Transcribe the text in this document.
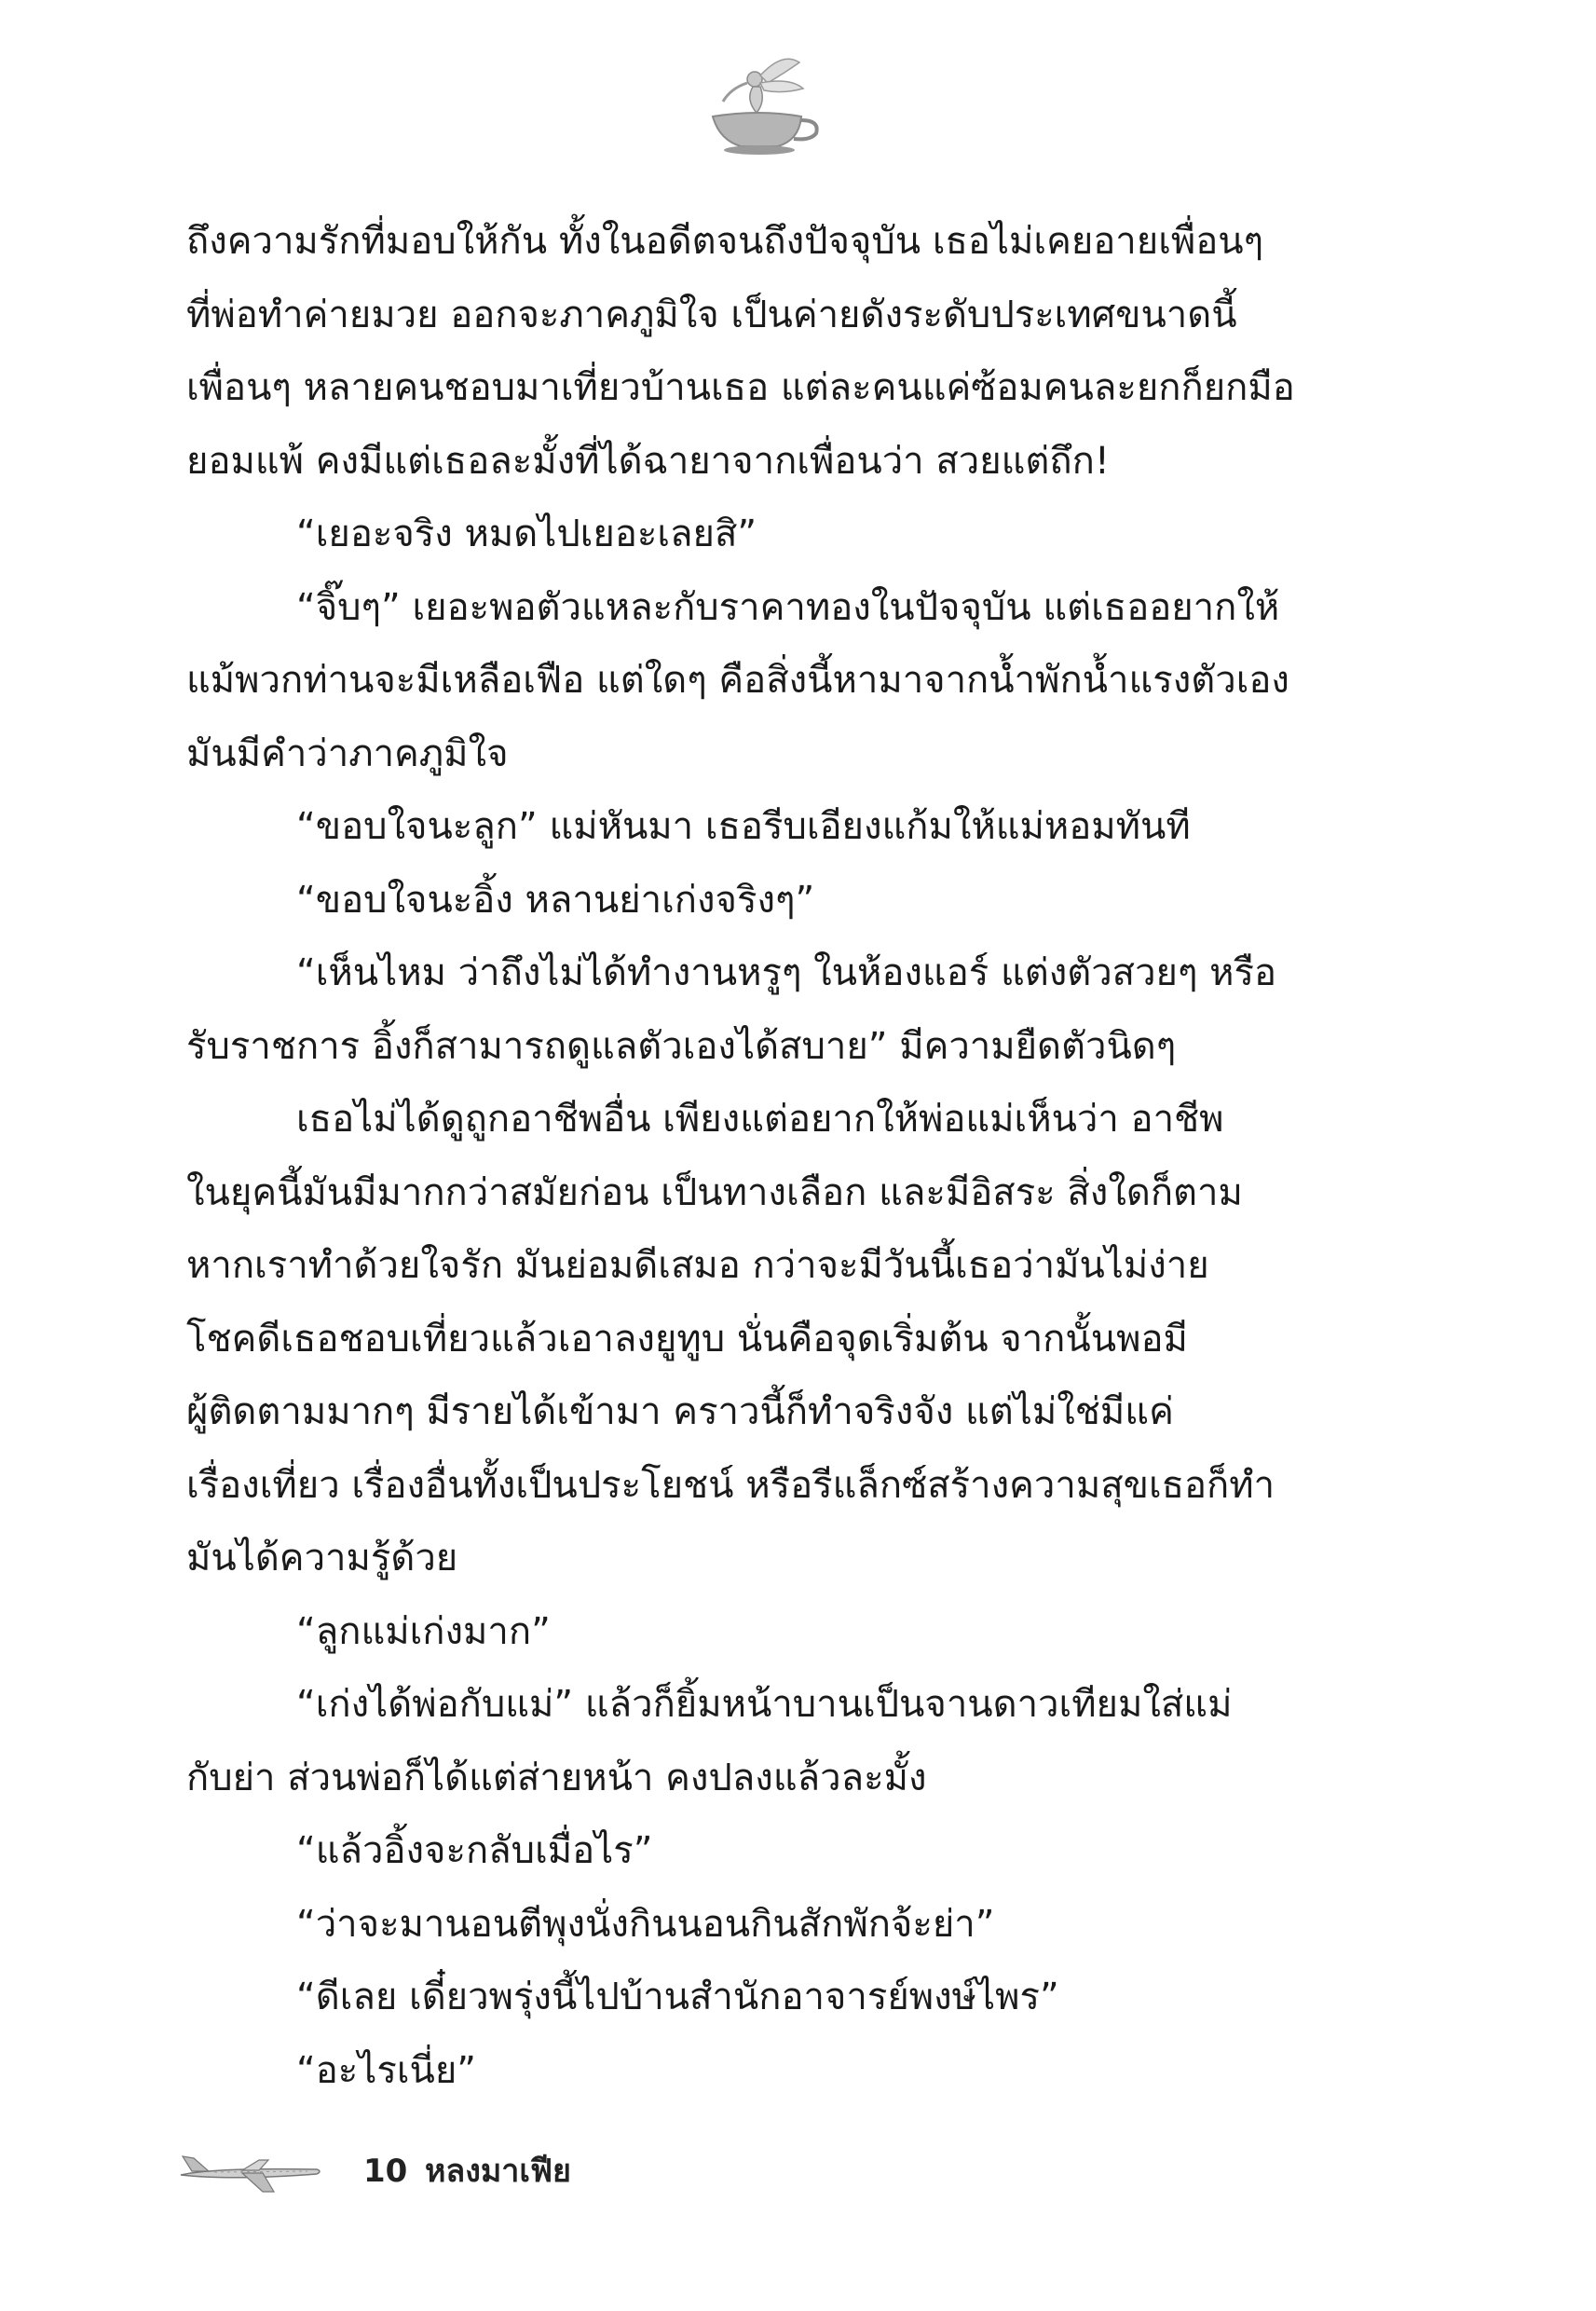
ถึงความรักที่มอบให้กัน ทั้งในอดีตจนถึงปัจจุบัน เธอไม่เคยอายเพื่อนๆ
ที่พ่อทำค่ายมวย ออกจะภาคภูมิใจ เป็นค่ายดังระดับประเทศขนาดนี้
เพื่อนๆ หลายคนชอบมาเที่ยวบ้านเธอ แต่ละคนแค่ซ้อมคนละยกก็ยกมือ
ยอมแพ้ คงมีแต่เธอละมั้งที่ได้ฉายาจากเพื่อนว่า สวยแต่ถึก!
“เยอะจริง หมดไปเยอะเลยสิ”
“จิ๊บๆ” เยอะพอตัวแหละกับราคาทองในปัจจุบัน แต่เธออยากให้
แม้พวกท่านจะมีเหลือเฟือ แต่ใดๆ คือสิ่งนี้หามาจากน้ำพักน้ำแรงตัวเอง
มันมีคำว่าภาคภูมิใจ
“ขอบใจนะลูก” แม่หันมา เธอรีบเอียงแก้มให้แม่หอมทันที
“ขอบใจนะอิ้ง หลานย่าเก่งจริงๆ”
“เห็นไหม ว่าถึงไม่ได้ทำงานหรูๆ ในห้องแอร์ แต่งตัวสวยๆ หรือ
รับราชการ อิ้งก็สามารถดูแลตัวเองได้สบาย” มีความยืดตัวนิดๆ
เธอไม่ได้ดูถูกอาชีพอื่น เพียงแต่อยากให้พ่อแม่เห็นว่า อาชีพ
ในยุคนี้มันมีมากกว่าสมัยก่อน เป็นทางเลือก และมีอิสระ สิ่งใดก็ตาม
หากเราทำด้วยใจรัก มันย่อมดีเสมอ กว่าจะมีวันนี้เธอว่ามันไม่ง่าย
โชคดีเธอชอบเที่ยวแล้วเอาลงยูทูบ นั่นคือจุดเริ่มต้น จากนั้นพอมี
ผู้ติดตามมากๆ มีรายได้เข้ามา คราวนี้ก็ทำจริงจัง แต่ไม่ใช่มีแค่
เรื่องเที่ยว เรื่องอื่นทั้งเป็นประโยชน์ หรือรีแล็กซ์สร้างความสุขเธอก็ทำ
มันได้ความรู้ด้วย
“ลูกแม่เก่งมาก”
“เก่งได้พ่อกับแม่” แล้วก็ยิ้มหน้าบานเป็นจานดาวเทียมใส่แม่
กับย่า ส่วนพ่อก็ได้แต่ส่ายหน้า คงปลงแล้วละมั้ง
“แล้วอิ้งจะกลับเมื่อไร”
“ว่าจะมานอนตีพุงนั่งกินนอนกินสักพักจ้ะย่า”
“ดีเลย เดี๋ยวพรุ่งนี้ไปบ้านสำนักอาจารย์พงษ์ไพร”
“อะไรเนี่ย”
10 หลงมาเฟีย
